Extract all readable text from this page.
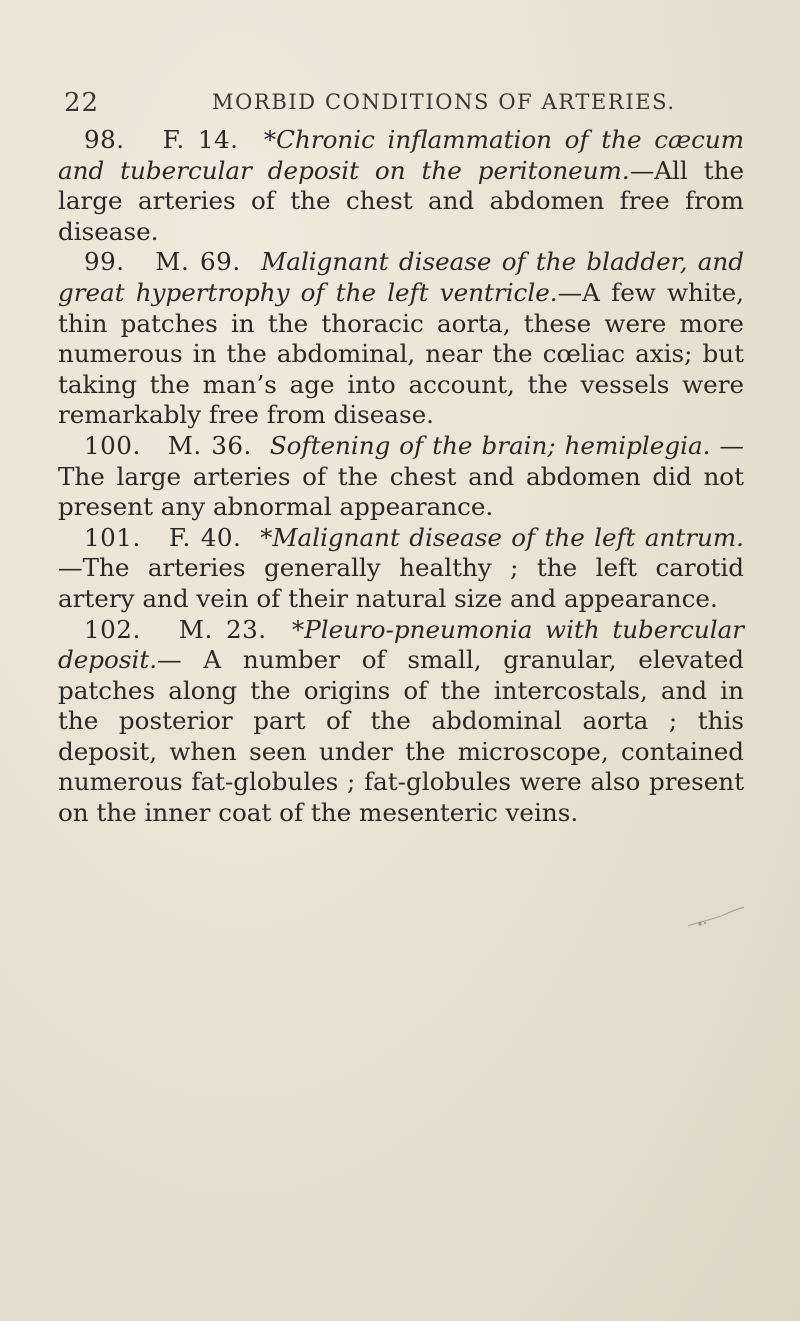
22	MORBID CONDITIONS OF ARTERIES.

98. F. 14. *Chronic inflammation of the cæcum and tubercular deposit on the peritoneum.—All the large arteries of the chest and abdomen free from disease.

99. M. 69. Malignant disease of the bladder, and great hypertrophy of the left ventricle.—A few white, thin patches in the thoracic aorta, these were more numerous in the abdominal, near the cœliac axis; but taking the man’s age into account, the vessels were remarkably free from disease.

100. M. 36. Softening of the brain; hemiplegia. — The large arteries of the chest and abdomen did not present any abnormal appearance.

101. F. 40. *Malignant disease of the left antrum.—The arteries generally healthy ; the left carotid artery and vein of their natural size and appearance.

102. M. 23. *Pleuro-pneumonia with tubercular deposit.— A number of small, granular, elevated patches along the origins of the intercostals, and in the posterior part of the abdominal aorta ; this deposit, when seen under the microscope, contained numerous fat-globules ; fat-globules were also present on the inner coat of the mesenteric veins.
